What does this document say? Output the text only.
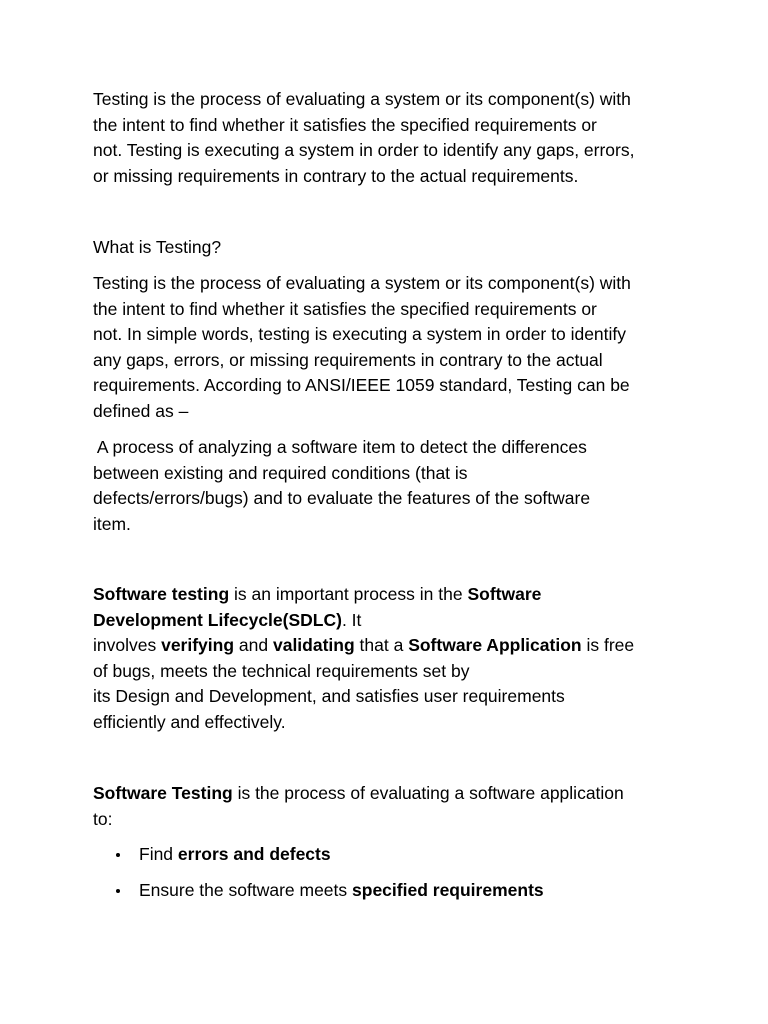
Testing is the process of evaluating a system or its component(s) with
the intent to find whether it satisfies the specified requirements or
not. Testing is executing a system in order to identify any gaps, errors,
or missing requirements in contrary to the actual requirements.
What is Testing?
Testing is the process of evaluating a system or its component(s) with
the intent to find whether it satisfies the specified requirements or
not. In simple words, testing is executing a system in order to identify
any gaps, errors, or missing requirements in contrary to the actual
requirements. According to ANSI/IEEE 1059 standard, Testing can be
defined as –
A process of analyzing a software item to detect the differences
between existing and required conditions (that is
defects/errors/bugs) and to evaluate the features of the software
item.
Software testing is an important process in the Software
Development Lifecycle(SDLC). It
involves verifying and validating that a Software Application is free
of bugs, meets the technical requirements set by
its Design and Development, and satisfies user requirements
efficiently and effectively.
Software Testing is the process of evaluating a software application
to:
Find errors and defects
Ensure the software meets specified requirements
